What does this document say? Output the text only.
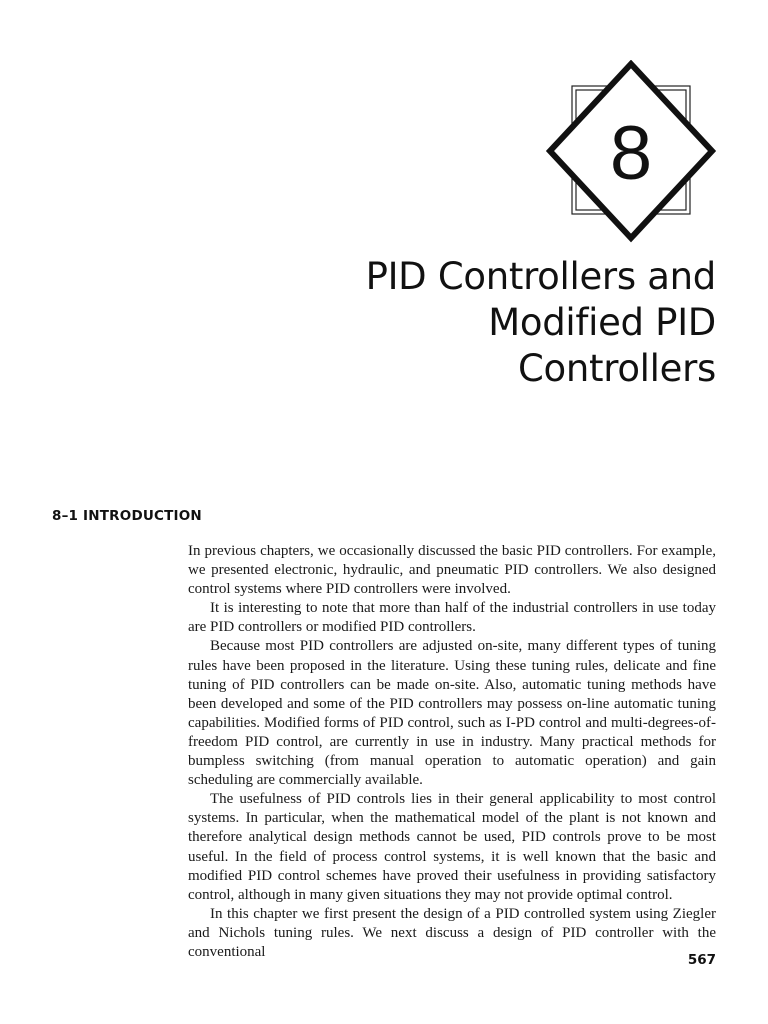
8
PID Controllers and
Modified PID
Controllers
8–1 INTRODUCTION

In previous chapters, we occasionally discussed the basic PID controllers. For example, we presented electronic, hydraulic, and pneumatic PID controllers. We also designed control systems where PID controllers were involved.

It is interesting to note that more than half of the industrial controllers in use today are PID controllers or modified PID controllers.

Because most PID controllers are adjusted on-site, many different types of tuning rules have been proposed in the literature. Using these tuning rules, delicate and fine tuning of PID controllers can be made on-site. Also, automatic tuning methods have been developed and some of the PID controllers may possess on-line automatic tuning capabilities. Modified forms of PID control, such as I-PD control and multi-degrees-of-freedom PID control, are currently in use in industry. Many practical methods for bumpless switching (from manual operation to automatic operation) and gain scheduling are commercially available.

The usefulness of PID controls lies in their general applicability to most control systems. In particular, when the mathematical model of the plant is not known and therefore analytical design methods cannot be used, PID controls prove to be most useful. In the field of process control systems, it is well known that the basic and modified PID control schemes have proved their usefulness in providing satisfactory control, although in many given situations they may not provide optimal control.

In this chapter we first present the design of a PID controlled system using Ziegler and Nichols tuning rules. We next discuss a design of PID controller with the conventional

567
